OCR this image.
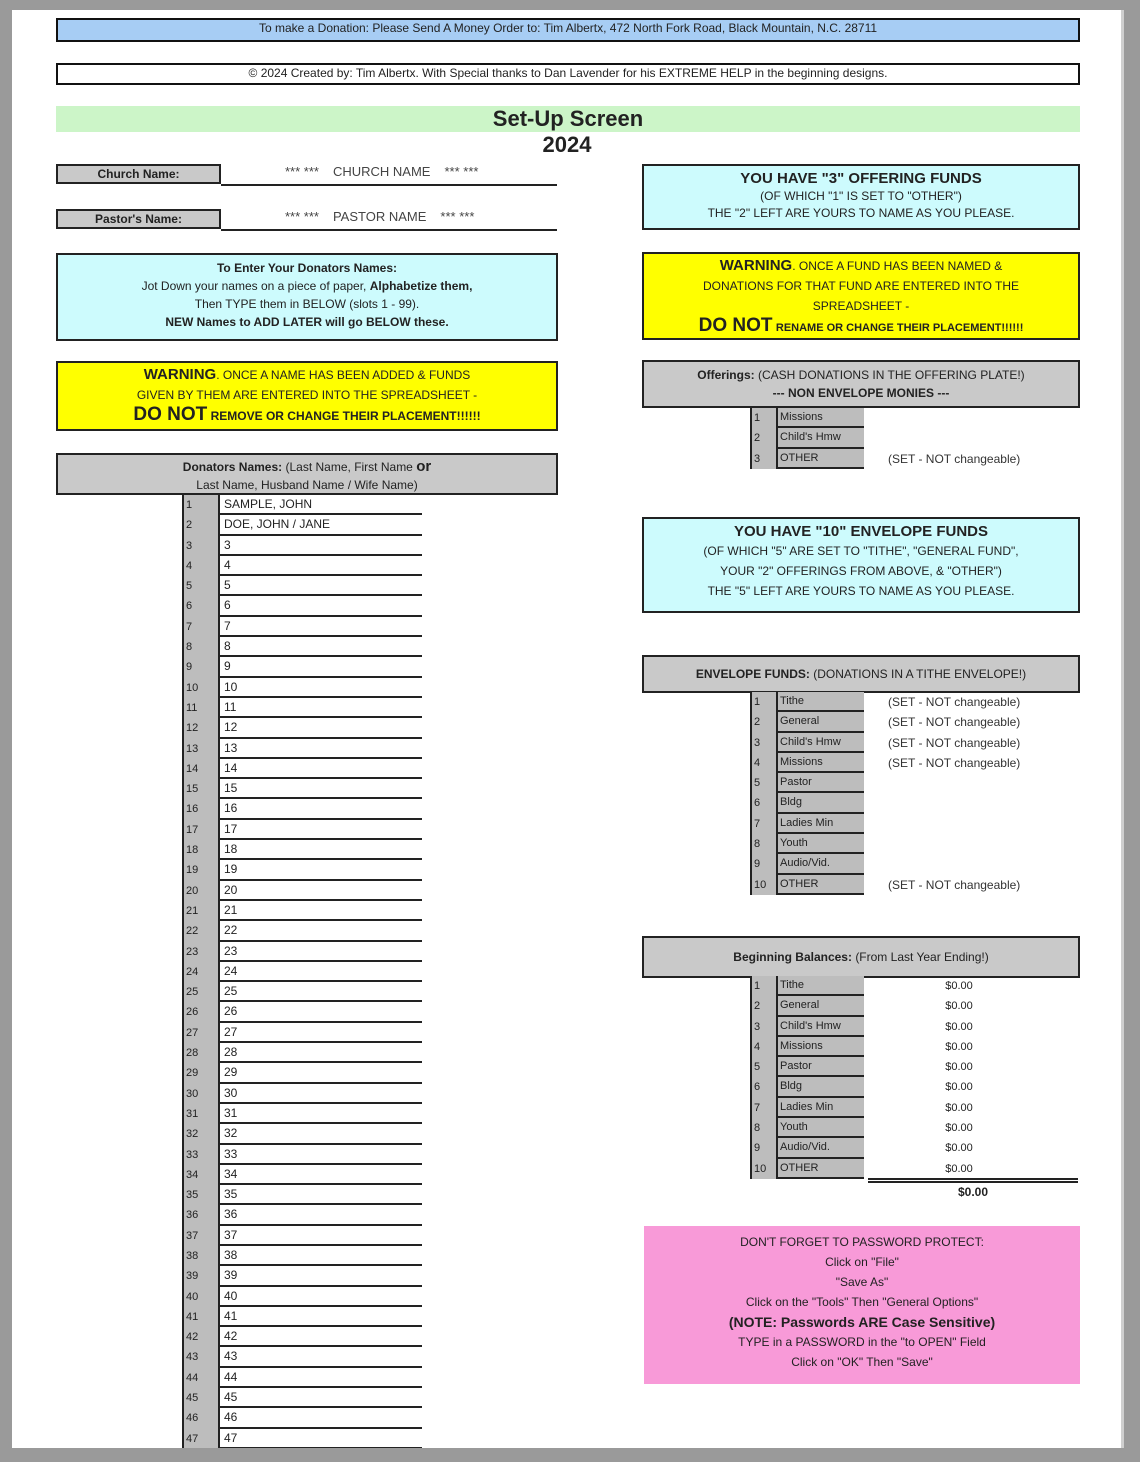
To make a Donation: Please Send A Money Order to: Tim Albertx, 472 North Fork Road, Black Mountain, N.C. 28711
© 2024 Created by: Tim Albertx. With Special thanks to Dan Lavender for his EXTREME HELP in the beginning designs.
Set-Up Screen
2024
Church Name:	*** *** CHURCH NAME *** ***
Pastor's Name:	*** *** PASTOR NAME *** ***
To Enter Your Donators Names:
Jot Down your names on a piece of paper, Alphabetize them,
Then TYPE them in BELOW (slots 1 - 99).
NEW Names to ADD LATER will go BELOW these.
WARNING. ONCE A NAME HAS BEEN ADDED & FUNDS
GIVEN BY THEM ARE ENTERED INTO THE SPREADSHEET -
DO NOT REMOVE OR CHANGE THEIR PLACEMENT!!!!!!
Donators Names: (Last Name, First Name or
Last Name, Husband Name / Wife Name)
1	SAMPLE, JOHN
2	DOE, JOHN / JANE
3	3
4	4
5	5
6	6
7	7
8	8
9	9
10	10
11	11
12	12
13	13
14	14
15	15
16	16
17	17
18	18
19	19
20	20
21	21
22	22
23	23
24	24
25	25
26	26
27	27
28	28
29	29
30	30
31	31
32	32
33	33
34	34
35	35
36	36
37	37
38	38
39	39
40	40
41	41
42	42
43	43
44	44
45	45
46	46
47	47
YOU HAVE "3" OFFERING FUNDS
(OF WHICH "1" IS SET TO "OTHER")
THE "2" LEFT ARE YOURS TO NAME AS YOU PLEASE.
WARNING. ONCE A FUND HAS BEEN NAMED &
DONATIONS FOR THAT FUND ARE ENTERED INTO THE
SPREADSHEET -
DO NOT RENAME OR CHANGE THEIR PLACEMENT!!!!!!
Offerings: (CASH DONATIONS IN THE OFFERING PLATE!)
--- NON ENVELOPE MONIES ---
1	Missions
2	Child's Hmw
3	OTHER	(SET - NOT changeable)
YOU HAVE "10" ENVELOPE FUNDS
(OF WHICH "5" ARE SET TO "TITHE", "GENERAL FUND",
YOUR "2" OFFERINGS FROM ABOVE, & "OTHER")
THE "5" LEFT ARE YOURS TO NAME AS YOU PLEASE.
ENVELOPE FUNDS: (DONATIONS IN A TITHE ENVELOPE!)
1	Tithe	(SET - NOT changeable)
2	General	(SET - NOT changeable)
3	Child's Hmw	(SET - NOT changeable)
4	Missions	(SET - NOT changeable)
5	Pastor
6	Bldg
7	Ladies Min
8	Youth
9	Audio/Vid.
10	OTHER	(SET - NOT changeable)
Beginning Balances: (From Last Year Ending!)
1	Tithe	$0.00
2	General	$0.00
3	Child's Hmw	$0.00
4	Missions	$0.00
5	Pastor	$0.00
6	Bldg	$0.00
7	Ladies Min	$0.00
8	Youth	$0.00
9	Audio/Vid.	$0.00
10	OTHER	$0.00
$0.00
DON'T FORGET TO PASSWORD PROTECT:
Click on "File"
"Save As"
Click on the "Tools" Then "General Options"
(NOTE: Passwords ARE Case Sensitive)
TYPE in a PASSWORD in the "to OPEN" Field
Click on "OK" Then "Save"
